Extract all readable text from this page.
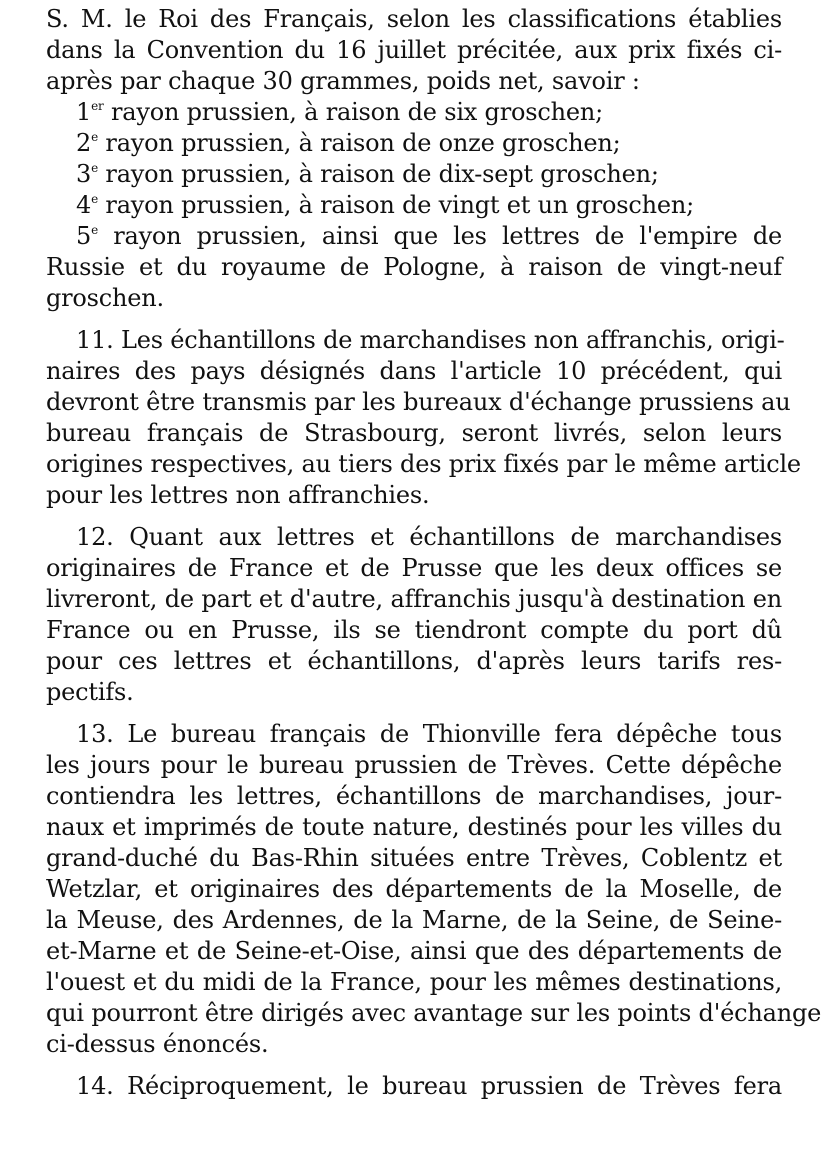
S. M. le Roi des Français, selon les classifications établies
dans la Convention du 16 juillet précitée, aux prix fixés ci-
après par chaque 30 grammes, poids net, savoir :
1er rayon prussien, à raison de six groschen;
2e rayon prussien, à raison de onze groschen;
3e rayon prussien, à raison de dix-sept groschen;
4e rayon prussien, à raison de vingt et un groschen;
5e rayon prussien, ainsi que les lettres de l'empire de
Russie et du royaume de Pologne, à raison de vingt-neuf
groschen.
11. Les échantillons de marchandises non affranchis, origi-
naires des pays désignés dans l'article 10 précédent, qui
devront être transmis par les bureaux d'échange prussiens au
bureau français de Strasbourg, seront livrés, selon leurs
origines respectives, au tiers des prix fixés par le même article
pour les lettres non affranchies.
12. Quant aux lettres et échantillons de marchandises
originaires de France et de Prusse que les deux offices se
livreront, de part et d'autre, affranchis jusqu'à destination en
France ou en Prusse, ils se tiendront compte du port dû
pour ces lettres et échantillons, d'après leurs tarifs res-
pectifs.
13. Le bureau français de Thionville fera dépêche tous
les jours pour le bureau prussien de Trèves. Cette dépêche
contiendra les lettres, échantillons de marchandises, jour-
naux et imprimés de toute nature, destinés pour les villes du
grand-duché du Bas-Rhin situées entre Trèves, Coblentz et
Wetzlar, et originaires des départements de la Moselle, de
la Meuse, des Ardennes, de la Marne, de la Seine, de Seine-
et-Marne et de Seine-et-Oise, ainsi que des départements de
l'ouest et du midi de la France, pour les mêmes destinations,
qui pourront être dirigés avec avantage sur les points d'échange
ci-dessus énoncés.
14. Réciproquement, le bureau prussien de Trèves fera
